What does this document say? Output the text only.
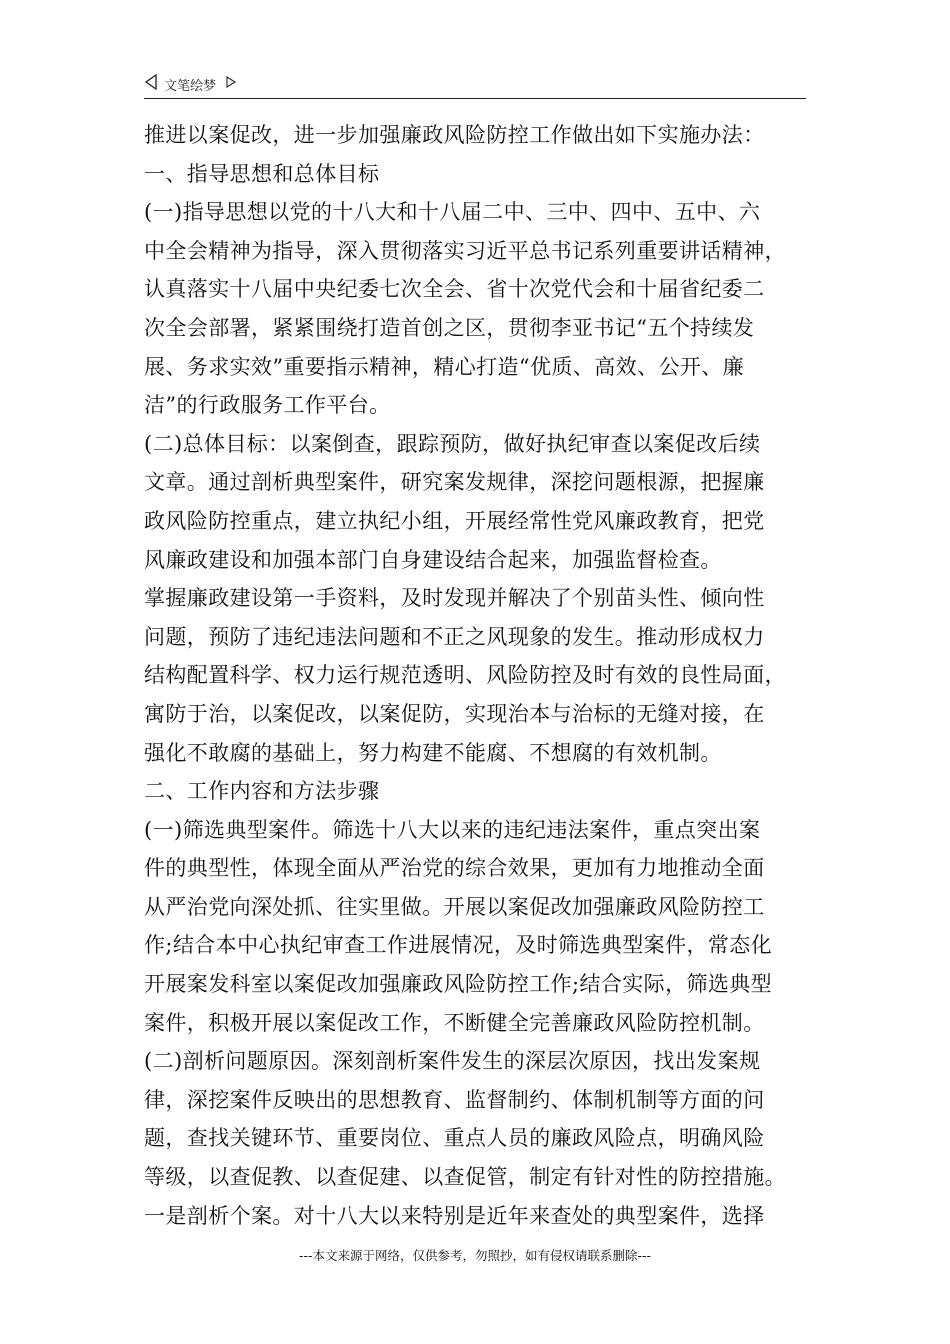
文笔绘梦
推进以案促改，进一步加强廉政风险防控工作做出如下实施办法：
一、指导思想和总体目标
(一)指导思想以党的十八大和十八届二中、三中、四中、五中、六
中全会精神为指导，深入贯彻落实习近平总书记系列重要讲话精神，
认真落实十八届中央纪委七次全会、省十次党代会和十届省纪委二
次全会部署，紧紧围绕打造首创之区，贯彻李亚书记“五个持续发
展、务求实效”重要指示精神，精心打造“优质、高效、公开、廉
洁”的行政服务工作平台。
(二)总体目标：以案倒查，跟踪预防，做好执纪审查以案促改后续
文章。通过剖析典型案件，研究案发规律，深挖问题根源，把握廉
政风险防控重点，建立执纪小组，开展经常性党风廉政教育，把党
风廉政建设和加强本部门自身建设结合起来，加强监督检查。
掌握廉政建设第一手资料，及时发现并解决了个别苗头性、倾向性
问题，预防了违纪违法问题和不正之风现象的发生。推动形成权力
结构配置科学、权力运行规范透明、风险防控及时有效的良性局面，
寓防于治，以案促改，以案促防，实现治本与治标的无缝对接，在
强化不敢腐的基础上，努力构建不能腐、不想腐的有效机制。
二、工作内容和方法步骤
(一)筛选典型案件。筛选十八大以来的违纪违法案件，重点突出案
件的典型性，体现全面从严治党的综合效果，更加有力地推动全面
从严治党向深处抓、往实里做。开展以案促改加强廉政风险防控工
作;结合本中心执纪审查工作进展情况，及时筛选典型案件，常态化
开展案发科室以案促改加强廉政风险防控工作;结合实际，筛选典型
案件，积极开展以案促改工作，不断健全完善廉政风险防控机制。
(二)剖析问题原因。深刻剖析案件发生的深层次原因，找出发案规
律，深挖案件反映出的思想教育、监督制约、体制机制等方面的问
题，查找关键环节、重要岗位、重点人员的廉政风险点，明确风险
等级，以查促教、以查促建、以查促管，制定有针对性的防控措施。
一是剖析个案。对十八大以来特别是近年来查处的典型案件，选择
---本文来源于网络，仅供参考，勿照抄，如有侵权请联系删除---
